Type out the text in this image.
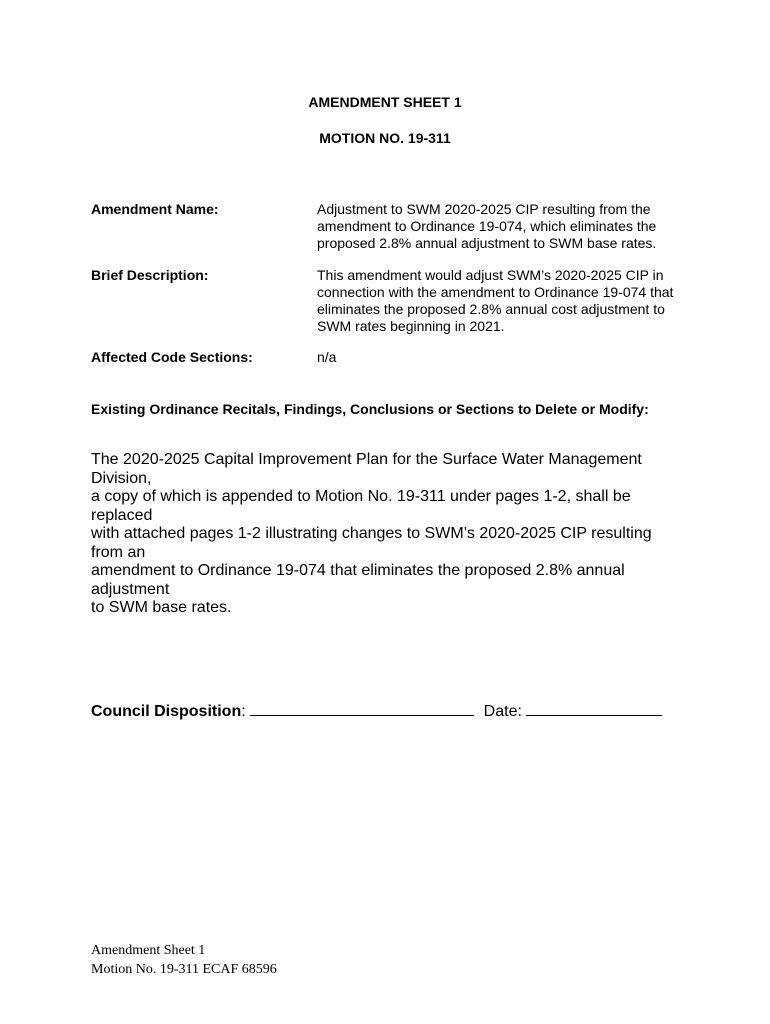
AMENDMENT SHEET 1
MOTION NO. 19-311
Amendment Name:	Adjustment to SWM 2020-2025 CIP resulting from the
amendment to Ordinance 19-074, which eliminates the
proposed 2.8% annual adjustment to SWM base rates.
Brief Description:	This amendment would adjust SWM’s 2020-2025 CIP in
connection with the amendment to Ordinance 19-074 that
eliminates the proposed 2.8% annual cost adjustment to
SWM rates beginning in 2021.
Affected Code Sections:	n/a
Existing Ordinance Recitals, Findings, Conclusions or Sections to Delete or Modify:
The 2020-2025 Capital Improvement Plan for the Surface Water Management Division,
a copy of which is appended to Motion No. 19-311 under pages 1-2, shall be replaced
with attached pages 1-2 illustrating changes to SWM’s 2020-2025 CIP resulting from an
amendment to Ordinance 19-074 that eliminates the proposed 2.8% annual adjustment
to SWM base rates.
Council Disposition:	Date:
Amendment Sheet 1
Motion No. 19-311 ECAF 68596
